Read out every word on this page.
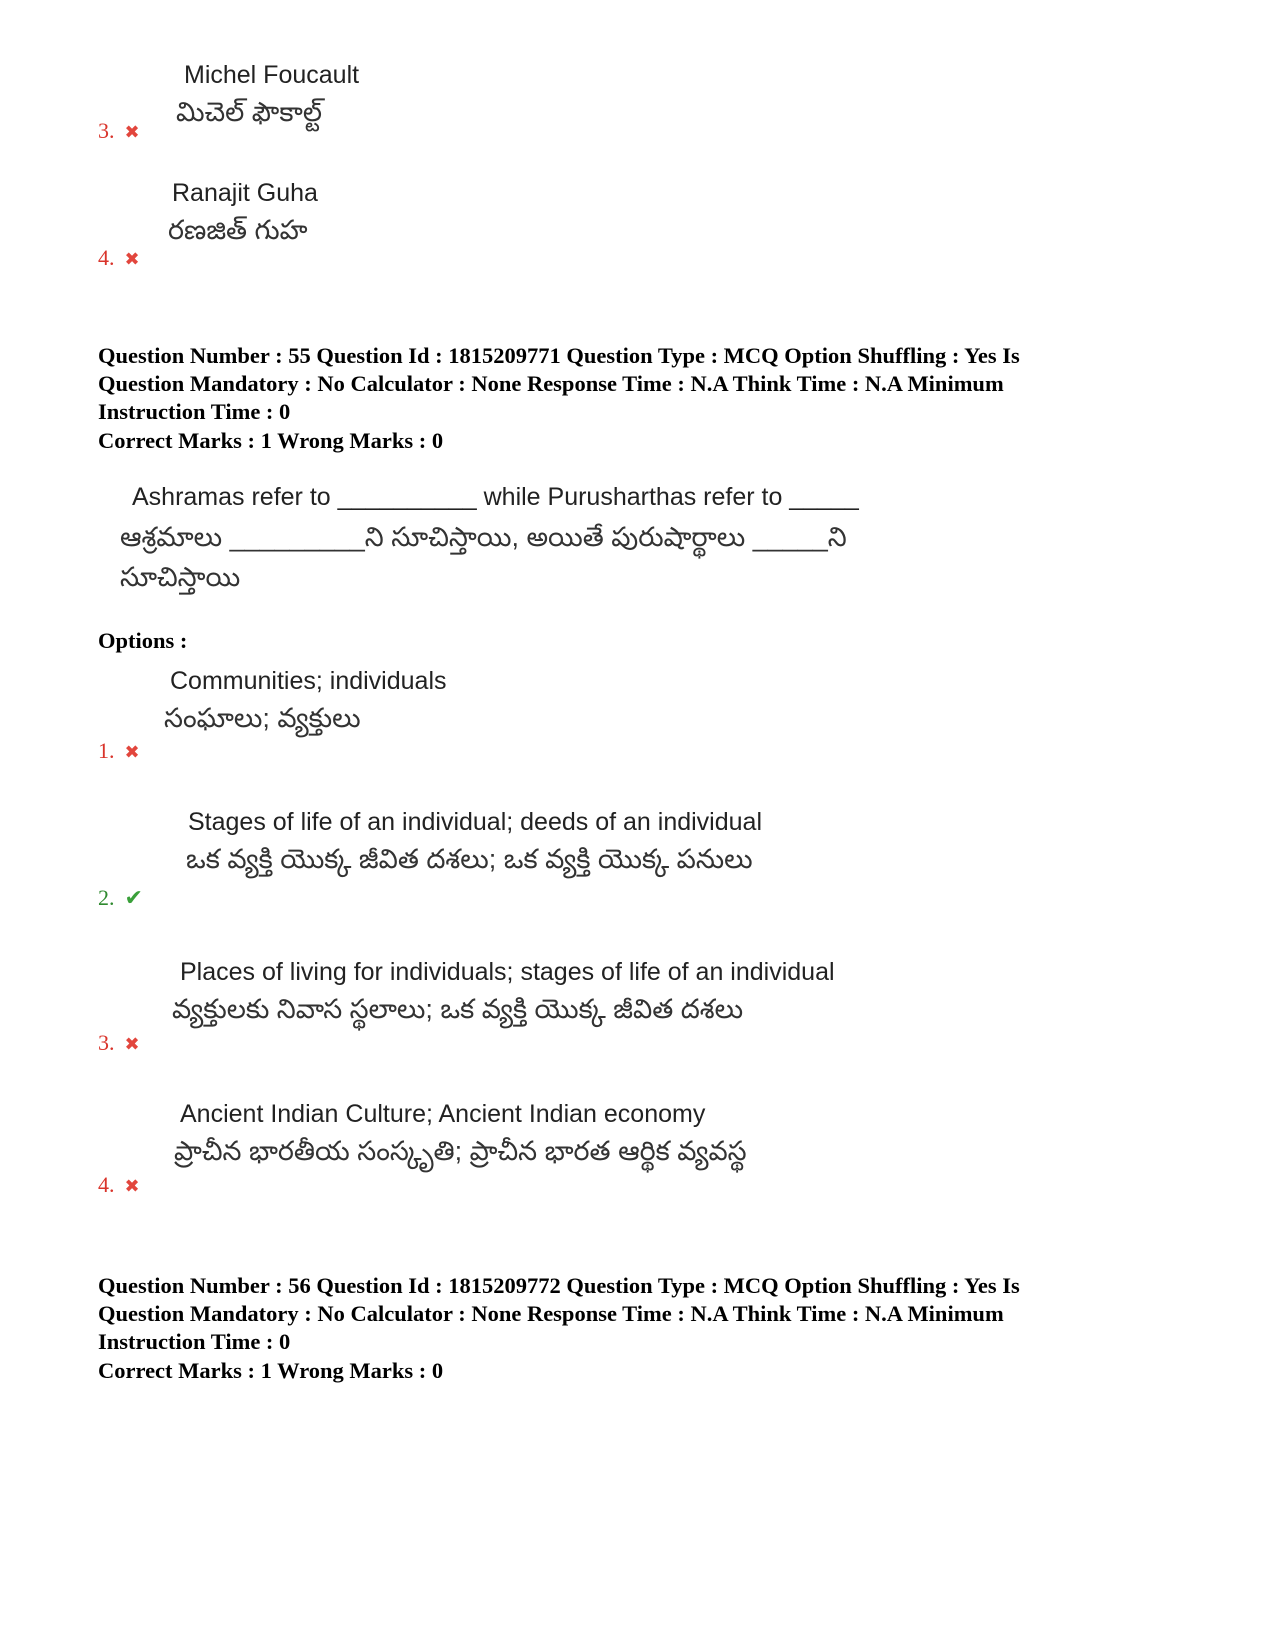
Michel Foucault
మిచెల్ ఫౌకాల్ట్
3. ✖
Ranajit Guha
రణజిత్ గుహ
4. ✖
Question Number : 55 Question Id : 1815209771 Question Type : MCQ Option Shuffling : Yes Is
Question Mandatory : No Calculator : None Response Time : N.A Think Time : N.A Minimum
Instruction Time : 0
Correct Marks : 1 Wrong Marks : 0
Ashramas refer to __________ while Purusharthas refer to _____
ఆశ్రమాలు _________ని సూచిస్తాయి, అయితే పురుషార్థాలు _____ని
సూచిస్తాయి
Options :
Communities; individuals
సంఘాలు; వ్యక్తులు
1. ✖
Stages of life of an individual; deeds of an individual
ఒక వ్యక్తి యొక్క జీవిత దశలు; ఒక వ్యక్తి యొక్క పనులు
2. ✔
Places of living for individuals; stages of life of an individual
వ్యక్తులకు నివాస స్థలాలు; ఒక వ్యక్తి యొక్క జీవిత దశలు
3. ✖
Ancient Indian Culture; Ancient Indian economy
ప్రాచీన భారతీయ సంస్కృతి; ప్రాచీన భారత ఆర్థిక వ్యవస్థ
4. ✖
Question Number : 56 Question Id : 1815209772 Question Type : MCQ Option Shuffling : Yes Is
Question Mandatory : No Calculator : None Response Time : N.A Think Time : N.A Minimum
Instruction Time : 0
Correct Marks : 1 Wrong Marks : 0
